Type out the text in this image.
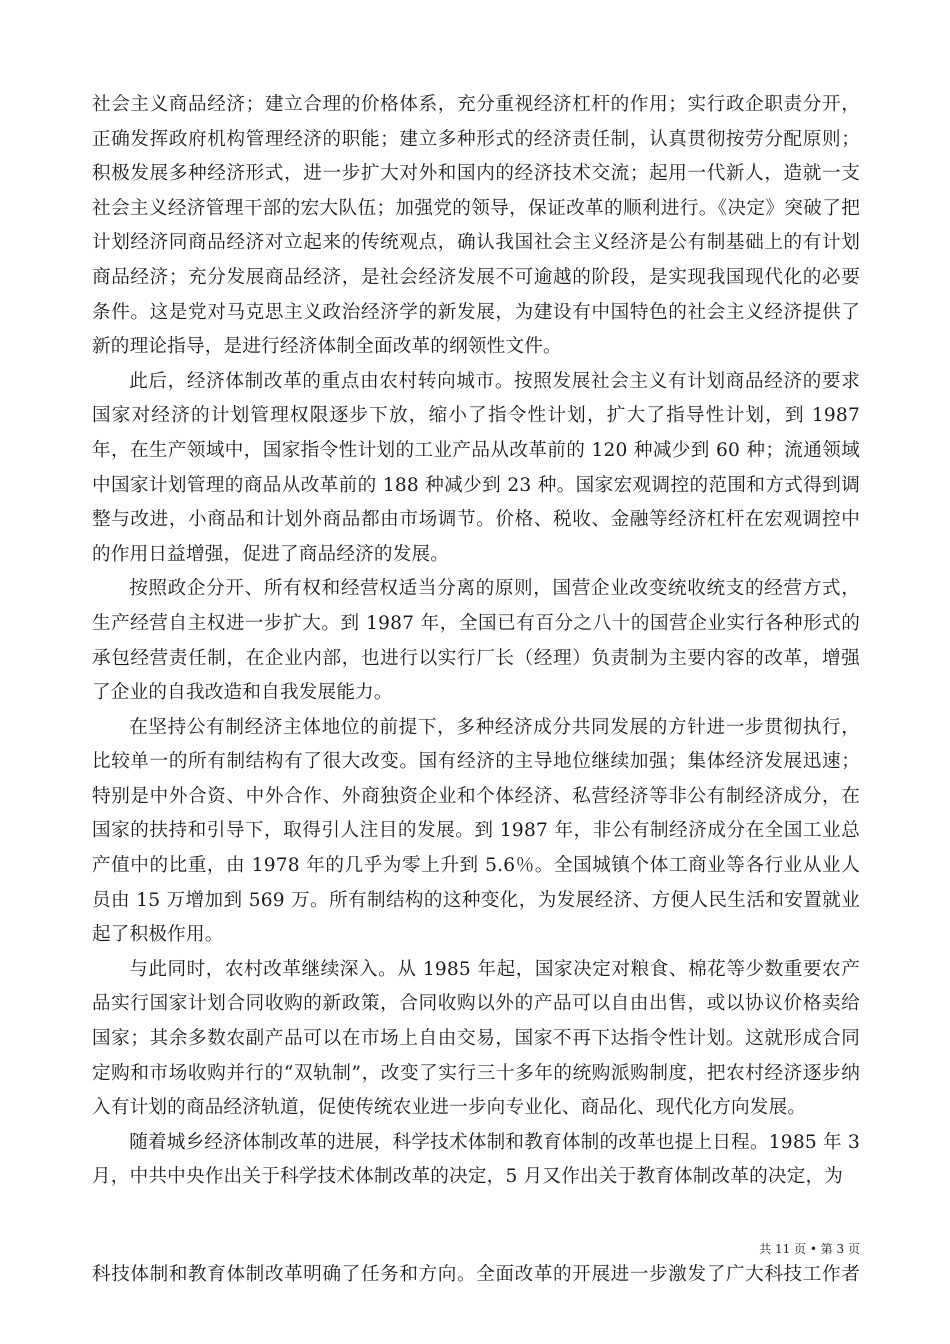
社会主义商品经济；建立合理的价格体系，充分重视经济杠杆的作用；实行政企职责分开，正确发挥政府机构管理经济的职能；建立多种形式的经济责任制，认真贯彻按劳分配原则；积极发展多种经济形式，进一步扩大对外和国内的经济技术交流；起用一代新人，造就一支社会主义经济管理干部的宏大队伍；加强党的领导，保证改革的顺利进行。《决定》突破了把计划经济同商品经济对立起来的传统观点，确认我国社会主义经济是公有制基础上的有计划商品经济；充分发展商品经济，是社会经济发展不可逾越的阶段，是实现我国现代化的必要条件。这是党对马克思主义政治经济学的新发展，为建设有中国特色的社会主义经济提供了新的理论指导，是进行经济体制全面改革的纲领性文件。

此后，经济体制改革的重点由农村转向城市。按照发展社会主义有计划商品经济的要求国家对经济的计划管理权限逐步下放，缩小了指令性计划，扩大了指导性计划，到 1987 年，在生产领域中，国家指令性计划的工业产品从改革前的 120 种减少到 60 种；流通领域中国家计划管理的商品从改革前的 188 种减少到 23 种。国家宏观调控的范围和方式得到调整与改进，小商品和计划外商品都由市场调节。价格、税收、金融等经济杠杆在宏观调控中的作用日益增强，促进了商品经济的发展。

按照政企分开、所有权和经营权适当分离的原则，国营企业改变统收统支的经营方式，生产经营自主权进一步扩大。到 1987 年，全国已有百分之八十的国营企业实行各种形式的承包经营责任制，在企业内部，也进行以实行厂长（经理）负责制为主要内容的改革，增强了企业的自我改造和自我发展能力。

在坚持公有制经济主体地位的前提下，多种经济成分共同发展的方针进一步贯彻执行，比较单一的所有制结构有了很大改变。国有经济的主导地位继续加强；集体经济发展迅速；特别是中外合资、中外合作、外商独资企业和个体经济、私营经济等非公有制经济成分，在国家的扶持和引导下，取得引人注目的发展。到 1987 年，非公有制经济成分在全国工业总产值中的比重，由 1978 年的几乎为零上升到 5.6％。全国城镇个体工商业等各行业从业人员由 15 万增加到 569 万。所有制结构的这种变化，为发展经济、方便人民生活和安置就业起了积极作用。

与此同时，农村改革继续深入。从 1985 年起，国家决定对粮食、棉花等少数重要农产品实行国家计划合同收购的新政策，合同收购以外的产品可以自由出售，或以协议价格卖给国家；其余多数农副产品可以在市场上自由交易，国家不再下达指令性计划。这就形成合同定购和市场收购并行的“双轨制”，改变了实行三十多年的统购派购制度，把农村经济逐步纳入有计划的商品经济轨道，促使传统农业进一步向专业化、商品化、现代化方向发展。

随着城乡经济体制改革的进展，科学技术体制和教育体制的改革也提上日程。1985 年 3 月，中共中央作出关于科学技术体制改革的决定，5 月又作出关于教育体制改革的决定，为

共 11 页 • 第 3 页
科技体制和教育体制改革明确了任务和方向。全面改革的开展进一步激发了广大科技工作者
